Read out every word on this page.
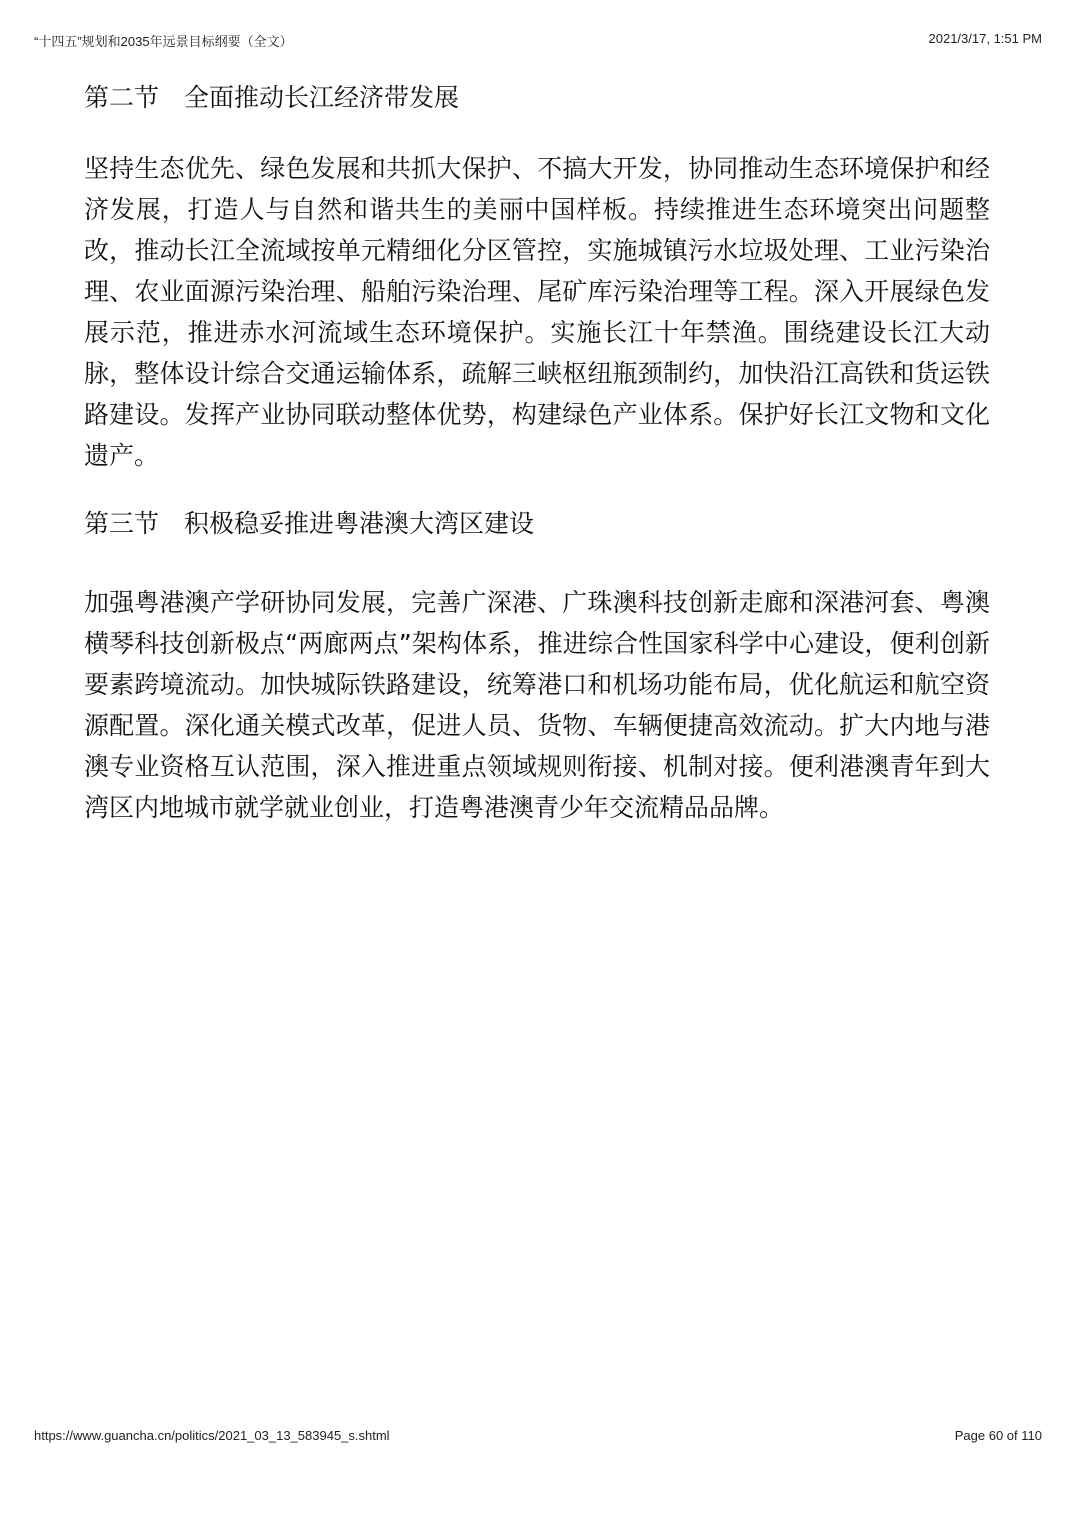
“十四五”规划和2035年远景目标纲要（全文）	2021/3/17, 1:51 PM
第二节　全面推动长江经济带发展

坚持生态优先、绿色发展和共抓大保护、不搞大开发，协同推动生态环境保护和经济发展，打造人与自然和谐共生的美丽中国样板。持续推进生态环境突出问题整改，推动长江全流域按单元精细化分区管控，实施城镇污水垃圾处理、工业污染治理、农业面源污染治理、船舶污染治理、尾矿库污染治理等工程。深入开展绿色发展示范，推进赤水河流域生态环境保护。实施长江十年禁渔。围绕建设长江大动脉，整体设计综合交通运输体系，疏解三峡枢纽瓶颈制约，加快沿江高铁和货运铁路建设。发挥产业协同联动整体优势，构建绿色产业体系。保护好长江文物和文化遗产。

第三节　积极稳妥推进粤港澳大湾区建设

加强粤港澳产学研协同发展，完善广深港、广珠澳科技创新走廊和深港河套、粤澳横琴科技创新极点“两廊两点”架构体系，推进综合性国家科学中心建设，便利创新要素跨境流动。加快城际铁路建设，统筹港口和机场功能布局，优化航运和航空资源配置。深化通关模式改革，促进人员、货物、车辆便捷高效流动。扩大内地与港澳专业资格互认范围，深入推进重点领域规则衔接、机制对接。便利港澳青年到大湾区内地城市就学就业创业，打造粤港澳青少年交流精品品牌。

https://www.guancha.cn/politics/2021_03_13_583945_s.shtml	Page 60 of 110
